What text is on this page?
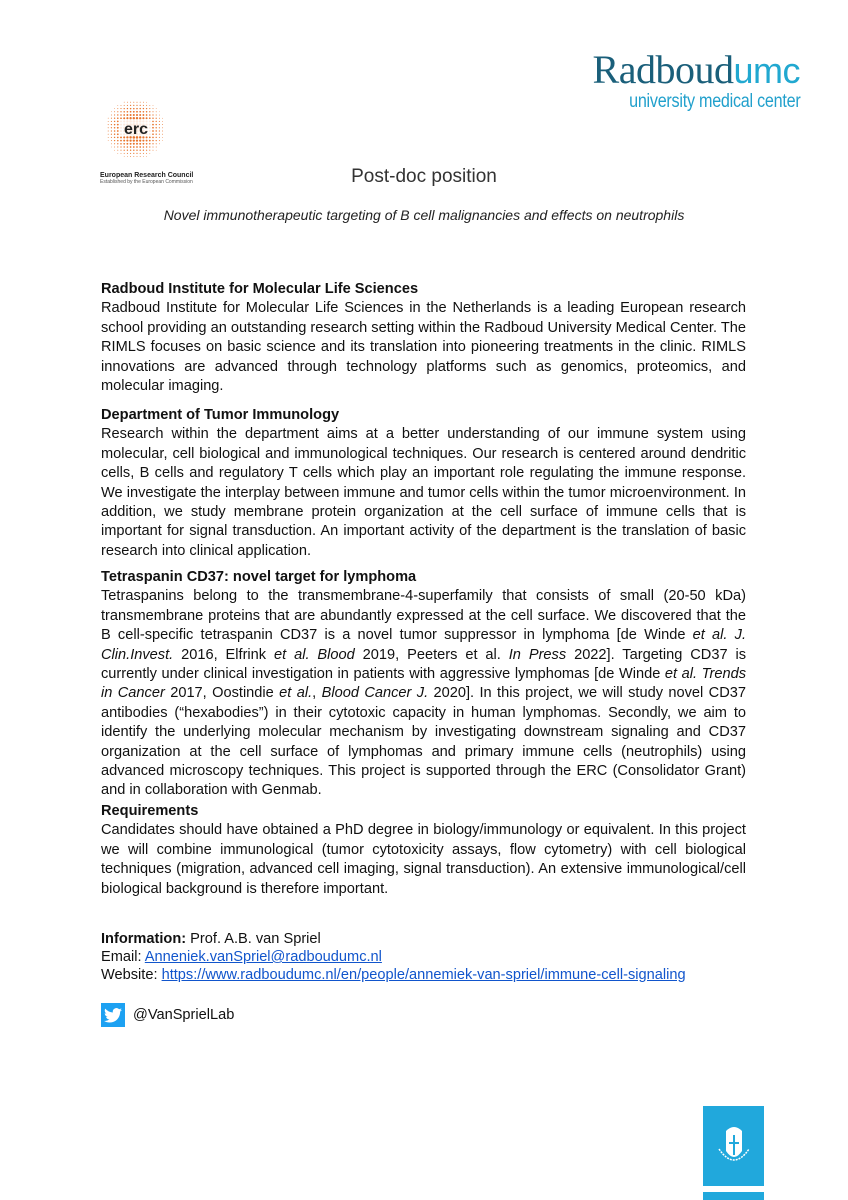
Radboudumc
university medical center
erc
European Research Council
Established by the European Commission	Post-doc position
Novel immunotherapeutic targeting of B cell malignancies and effects on neutrophils
Radboud Institute for Molecular Life Sciences

Radboud Institute for Molecular Life Sciences in the Netherlands is a leading European research school providing an outstanding research setting within the Radboud University Medical Center. The RIMLS focuses on basic science and its translation into pioneering treatments in the clinic. RIMLS innovations are advanced through technology platforms such as genomics, proteomics, and molecular imaging.

Department of Tumor Immunology

Research within the department aims at a better understanding of our immune system using molecular, cell biological and immunological techniques. Our research is centered around dendritic cells, B cells and regulatory T cells which play an important role regulating the immune response. We investigate the interplay between immune and tumor cells within the tumor microenvironment. In addition, we study membrane protein organization at the cell surface of immune cells that is important for signal transduction. An important activity of the department is the translation of basic research into clinical application.

Tetraspanin CD37: novel target for lymphoma

Tetraspanins belong to the transmembrane-4-superfamily that consists of small (20-50 kDa) transmembrane proteins that are abundantly expressed at the cell surface. We discovered that the B cell-specific tetraspanin CD37 is a novel tumor suppressor in lymphoma [de Winde et al. J. Clin.Invest. 2016, Elfrink et al. Blood 2019, Peeters et al. In Press 2022]. Targeting CD37 is currently under clinical investigation in patients with aggressive lymphomas [de Winde et al. Trends in Cancer 2017, Oostindie et al., Blood Cancer J. 2020]. In this project, we will study novel CD37 antibodies (“hexabodies”) in their cytotoxic capacity in human lymphomas. Secondly, we aim to identify the underlying molecular mechanism by investigating downstream signaling and CD37 organization at the cell surface of lymphomas and primary immune cells (neutrophils) using advanced microscopy techniques. This project is supported through the ERC (Consolidator Grant) and in collaboration with Genmab.

Requirements

Candidates should have obtained a PhD degree in biology/immunology or equivalent. In this project we will combine immunological (tumor cytotoxicity assays, flow cytometry) with cell biological techniques (migration, advanced cell imaging, signal transduction). An extensive immunological/cell biological background is therefore important.

Information: Prof. A.B. van Spriel
Email: Anneniek.vanSpriel@radboudumc.nl
Website: https://www.radboudumc.nl/en/people/annemiek-van-spriel/immune-cell-signaling
@VanSprielLab
